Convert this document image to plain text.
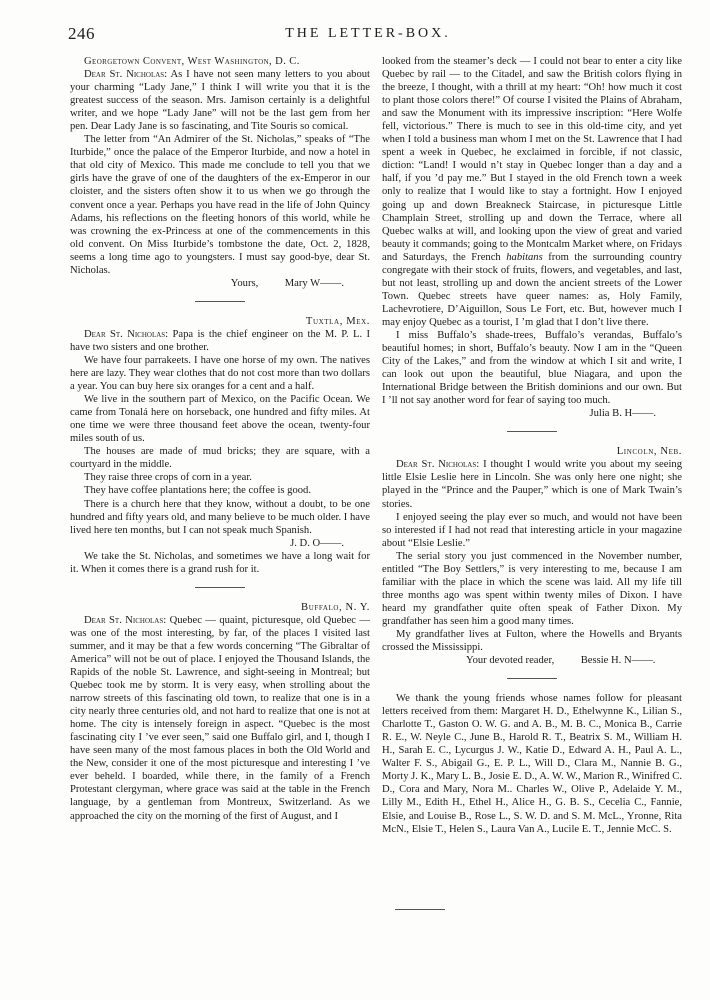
246	THE LETTER-BOX.

Georgetown Convent, West Washington, D. C.

Dear St. Nicholas: As I have not seen many letters to you about your charming “Lady Jane,” I think I will write you that it is the greatest success of the season. Mrs. Jamison certainly is a delightful writer, and we hope “Lady Jane” will not be the last gem from her pen. Dear Lady Jane is so fascinating, and Tite Souris so comical.

The letter from “An Admirer of the St. Nicholas,” speaks of “The Iturbide,” once the palace of the Emperor Iturbide, and now a hotel in that old city of Mexico. This made me conclude to tell you that we girls have the grave of one of the daughters of the ex-Emperor in our cloister, and the sisters often show it to us when we go through the convent once a year. Perhaps you have read in the life of John Quincy Adams, his reflections on the fleeting honors of this world, while he was crowning the ex-Princess at one of the commencements in this old convent. On Miss Iturbide’s tombstone the date, Oct. 2, 1828, seems a long time ago to youngsters. I must say good-bye, dear St. Nicholas.

Yours,          Mary W——.

Tuxtla, Mex.

Dear St. Nicholas: Papa is the chief engineer on the M. P. L. I have two sisters and one brother.

We have four parrakeets. I have one horse of my own. The natives here are lazy. They wear clothes that do not cost more than two dollars a year. You can buy here six oranges for a cent and a half.

We live in the southern part of Mexico, on the Pacific Ocean. We came from Tonalá here on horseback, one hundred and fifty miles. At one time we were three thousand feet above the ocean, twenty-four miles south of us.

The houses are made of mud bricks; they are square, with a courtyard in the middle.

They raise three crops of corn in a year.

They have coffee plantations here; the coffee is good.

There is a church here that they know, without a doubt, to be one hundred and fifty years old, and many believe to be much older. I have lived here ten months, but I can not speak much Spanish.

J. D. O——.

We take the St. Nicholas, and sometimes we have a long wait for it. When it comes there is a grand rush for it.

Buffalo, N. Y.

Dear St. Nicholas: Quebec — quaint, picturesque, old Quebec — was one of the most interesting, by far, of the places I visited last summer, and it may be that a few words concerning “The Gibraltar of America” will not be out of place. I enjoyed the Thousand Islands, the Rapids of the noble St. Lawrence, and sight-seeing in Montreal; but Quebec took me by storm. It is very easy, when strolling about the narrow streets of this fascinating old town, to realize that one is in a city nearly three centuries old, and not hard to realize that one is not at home. The city is intensely foreign in aspect. “Quebec is the most fascinating city I ’ve ever seen,” said one Buffalo girl, and I, though I have seen many of the most famous places in both the Old World and the New, consider it one of the most picturesque and interesting I ’ve ever beheld. I boarded, while there, in the family of a French Protestant clergyman, where grace was said at the table in the French language, by a gentleman from Montreux, Switzerland. As we approached the city on the morning of the first of August, and I

looked from the steamer’s deck — I could not bear to enter a city like Quebec by rail — to the Citadel, and saw the British colors flying in the breeze, I thought, with a thrill at my heart: “Oh! how much it cost to plant those colors there!” Of course I visited the Plains of Abraham, and saw the Monument with its impressive inscription: “Here Wolfe fell, victorious.” There is much to see in this old-time city, and yet when I told a business man whom I met on the St. Lawrence that I had spent a week in Quebec, he exclaimed in forcible, if not classic, diction: “Land! I would n’t stay in Quebec longer than a day and a half, if you ’d pay me.” But I stayed in the old French town a week only to realize that I would like to stay a fortnight. How I enjoyed going up and down Breakneck Staircase, in picturesque Little Champlain Street, strolling up and down the Terrace, where all Quebec walks at will, and looking upon the view of great and varied beauty it commands; going to the Montcalm Market where, on Fridays and Saturdays, the French habitans from the surrounding country congregate with their stock of fruits, flowers, and vegetables, and last, but not least, strolling up and down the ancient streets of the Lower Town. Quebec streets have queer names: as, Holy Family, Lachevrotiere, D’Aiguillon, Sous Le Fort, etc. But, however much I may enjoy Quebec as a tourist, I ’m glad that I don’t live there.

I miss Buffalo’s shade-trees, Buffalo’s verandas, Buffalo’s beautiful homes; in short, Buffalo’s beauty. Now I am in the “Queen City of the Lakes,” and from the window at which I sit and write, I can look out upon the beautiful, blue Niagara, and upon the International Bridge between the British dominions and our own. But I ’ll not say another word for fear of saying too much.

Julia B. H——.

Lincoln, Neb.

Dear St. Nicholas: I thought I would write you about my seeing little Elsie Leslie here in Lincoln. She was only here one night; she played in the “Prince and the Pauper,” which is one of Mark Twain’s stories.

I enjoyed seeing the play ever so much, and would not have been so interested if I had not read that interesting article in your magazine about “Elsie Leslie.”

The serial story you just commenced in the November number, entitled “The Boy Settlers,” is very interesting to me, because I am familiar with the place in which the scene was laid. All my life till three months ago was spent within twenty miles of Dixon. I have heard my grandfather quite often speak of Father Dixon. My grandfather has seen him a good many times.

My grandfather lives at Fulton, where the Howells and Bryants crossed the Mississippi.

Your devoted reader,          Bessie H. N——.

We thank the young friends whose names follow for pleasant letters received from them: Margaret H. D., Ethelwynne K., Lilian S., Charlotte T., Gaston O. W. G. and A. B., M. B. C., Monica B., Carrie R. E., W. Neyle C., June B., Harold R. T., Beatrix S. M., William H. H., Sarah E. C., Lycurgus J. W., Katie D., Edward A. H., Paul A. L., Walter F. S., Abigail G., E. P. L., Will D., Clara M., Nannie B. G., Morty J. K., Mary L. B., Josie E. D., A. W. W., Marion R., Winifred C. D., Cora and Mary, Nora M.. Charles W., Olive P., Adelaide Y. M., Lilly M., Edith H., Ethel H., Alice H., G. B. S., Cecelia C., Fannie, Elsie, and Louise B., Rose L., S. W. D. and S. M. McL., Yronne, Rita McN., Elsie T., Helen S., Laura Van A., Lucile E. T., Jennie McC. S.
